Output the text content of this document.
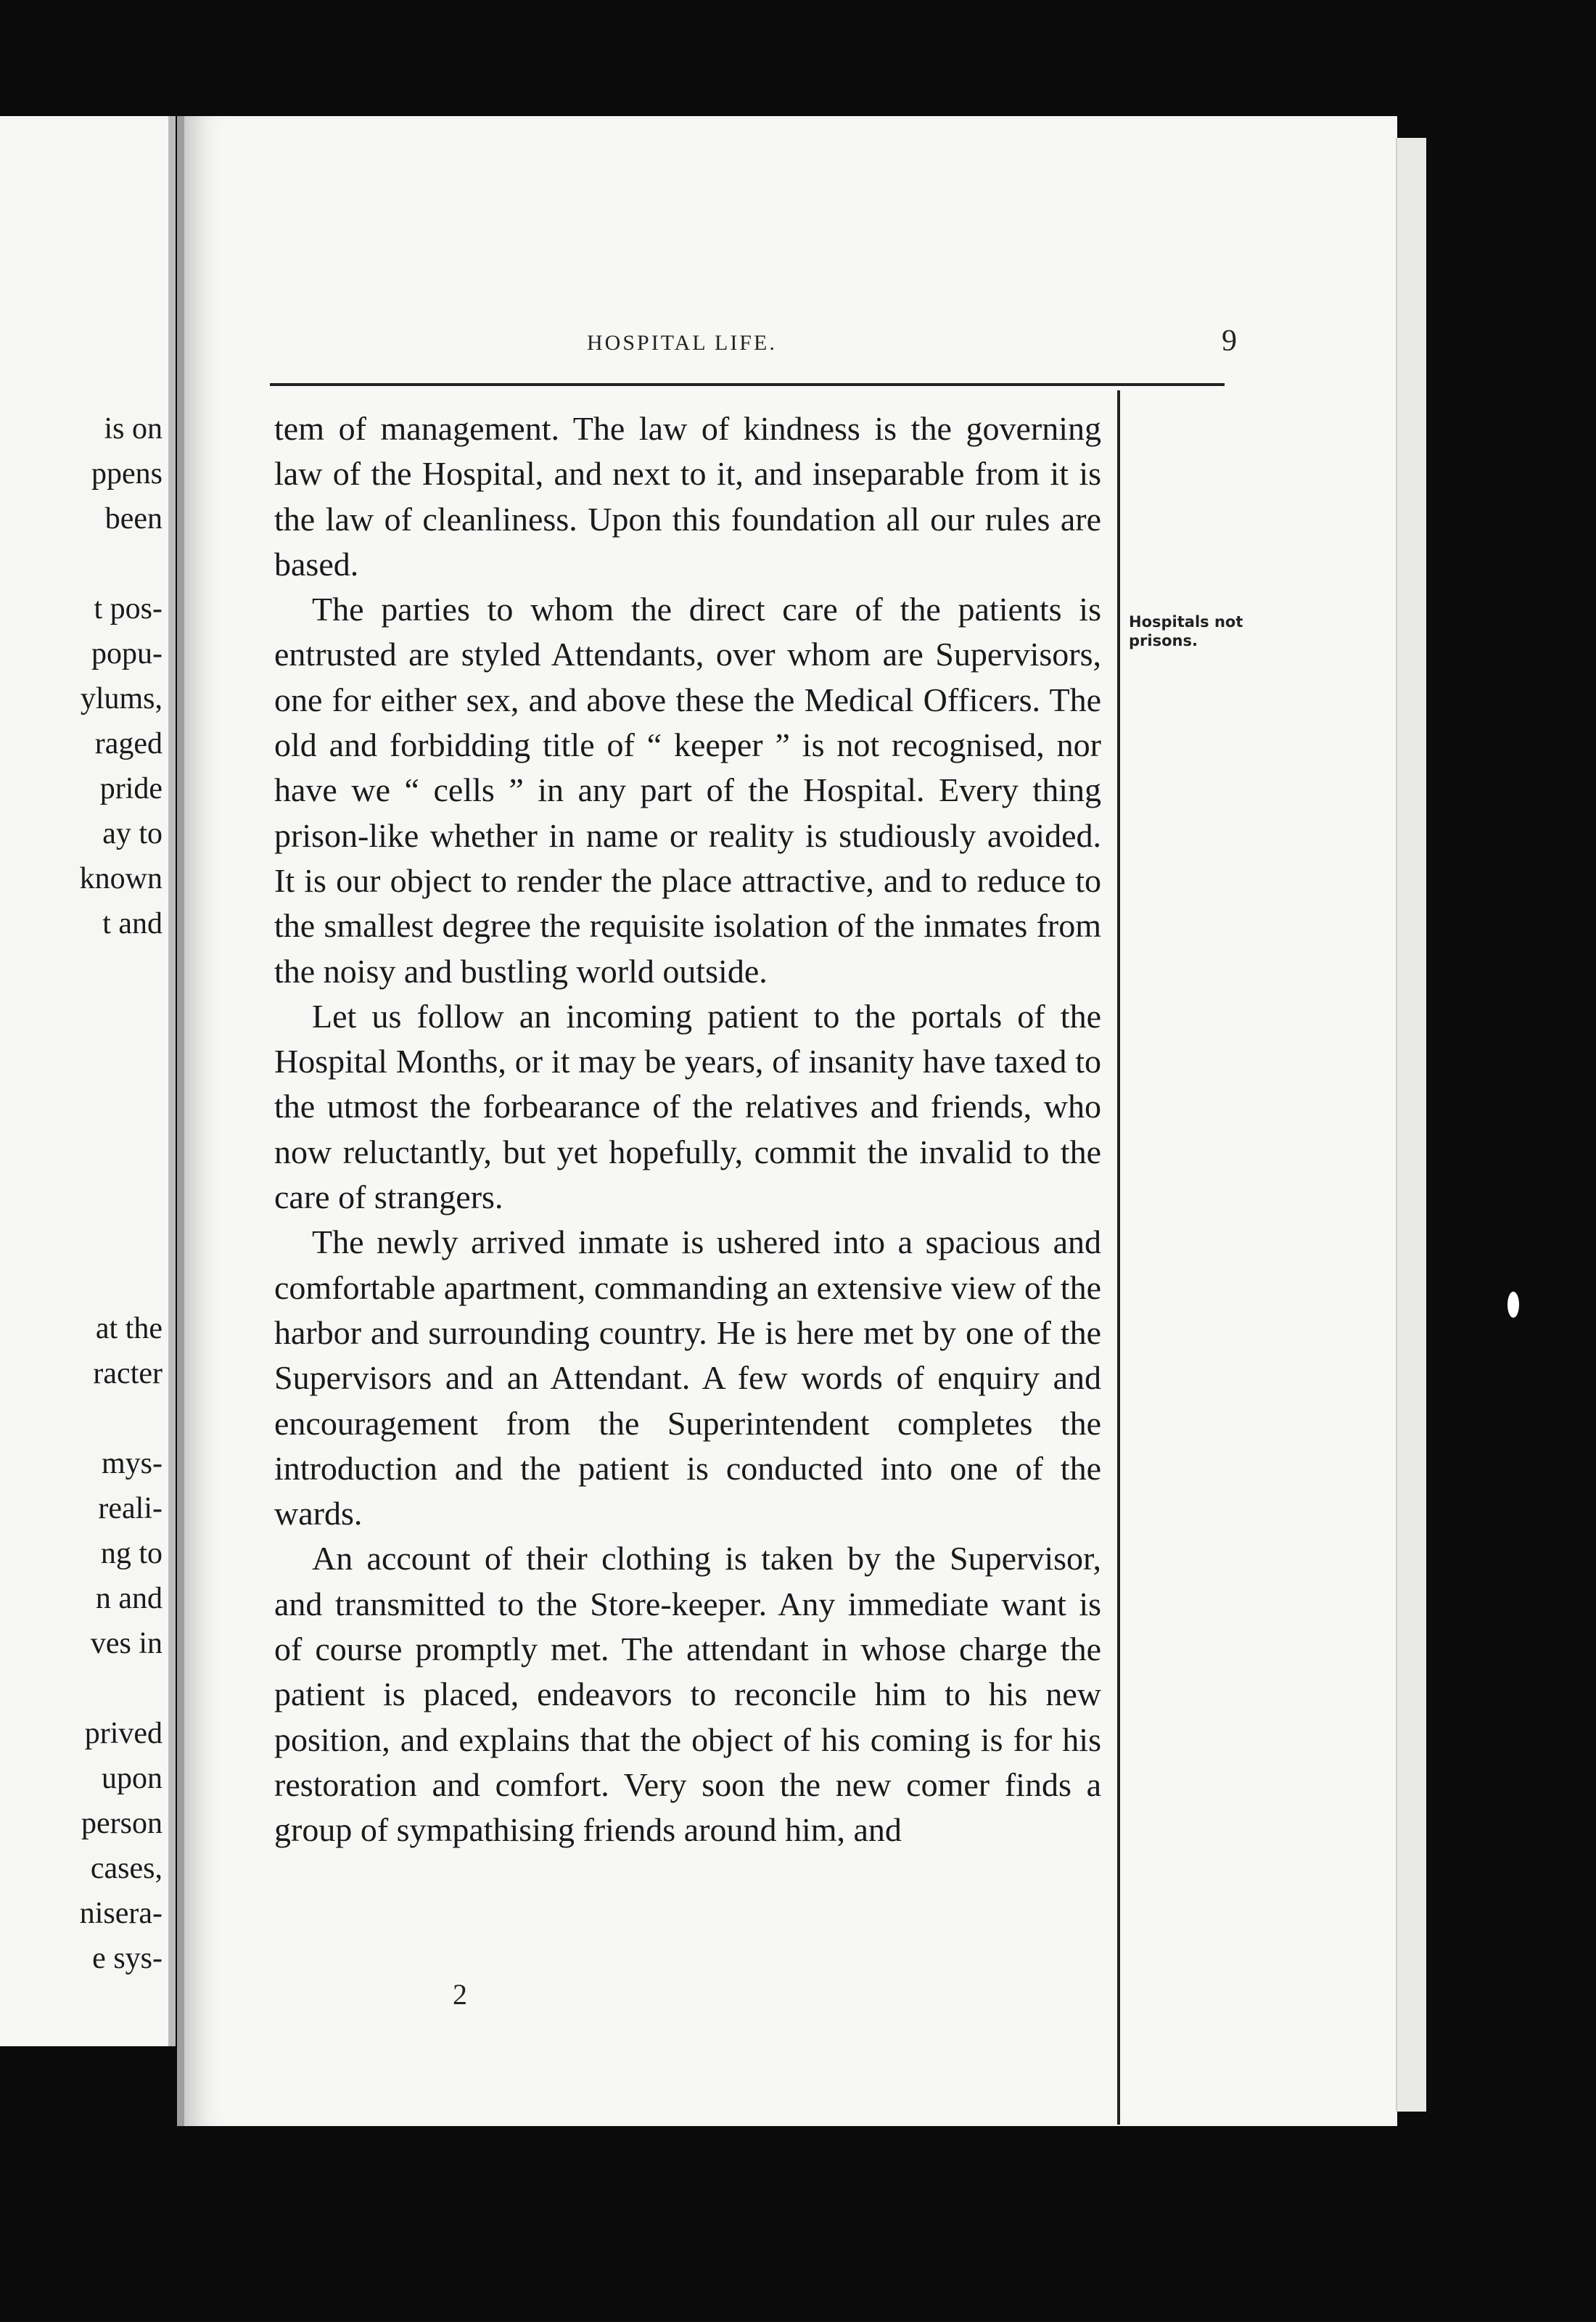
is on
ppens
been
t pos-
popu-
ylums,
raged
pride
ay to
known
t and
at the
racter
mys-
reali-
ng to
n and
ves in
prived
upon
person
cases,
nisera-
e sys-
HOSPITAL LIFE.	9

tem of management. The law of kindness is the governing law of the Hospital, and next to it, and inseparable from it is the law of cleanliness. Upon this foundation all our rules are based.

The parties to whom the direct care of the patients is entrusted are styled Attendants, over whom are Supervisors, one for either sex, and above these the Medical Officers. The old and forbidding title of “ keeper ” is not recognised, nor have we “ cells ” in any part of the Hospital. Every thing prison-like whether in name or reality is studiously avoided. It is our object to render the place attractive, and to reduce to the smallest degree the requisite isolation of the inmates from the noisy and bustling world outside.

Let us follow an incoming patient to the portals of the Hospital Months, or it may be years, of insanity have taxed to the utmost the forbearance of the relatives and friends, who now reluctantly, but yet hopefully, commit the invalid to the care of strangers.

The newly arrived inmate is ushered into a spacious and comfortable apartment, commanding an extensive view of the harbor and surrounding country. He is here met by one of the Supervisors and an Attendant. A few words of enquiry and encouragement from the Superintendent completes the introduction and the patient is conducted into one of the wards.

An account of their clothing is taken by the Supervisor, and transmitted to the Store-keeper. Any immediate want is of course promptly met. The attendant in whose charge the patient is placed, endeavors to reconcile him to his new position, and explains that the object of his coming is for his restoration and comfort. Very soon the new comer finds a group of sympathising friends around him, and

Hospitals not prisons.
2
